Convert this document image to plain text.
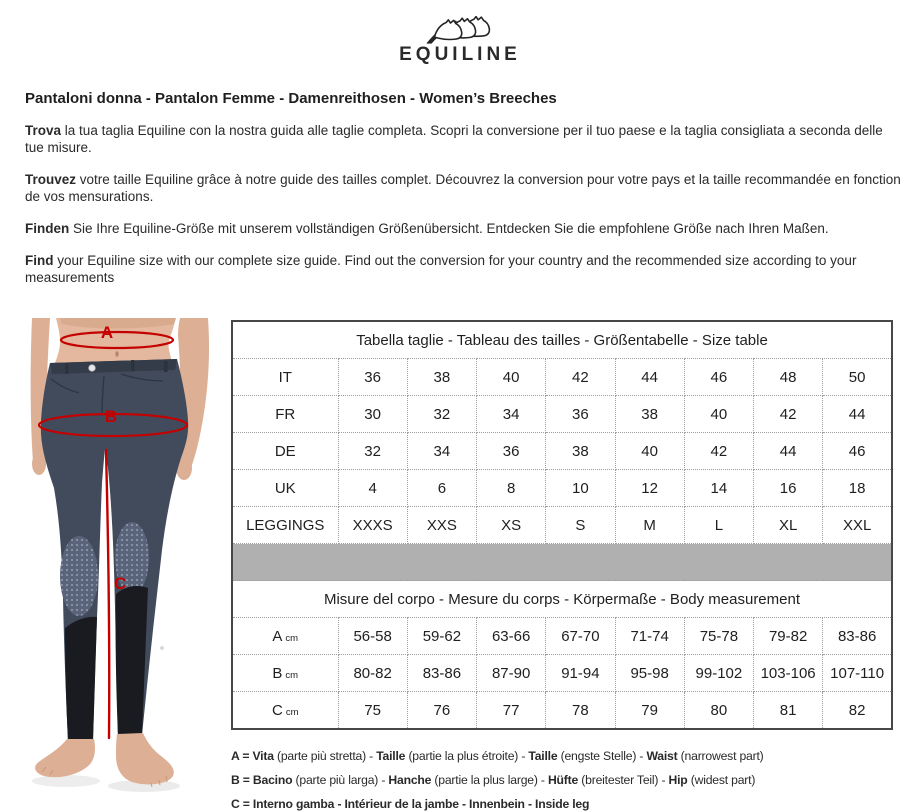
EQUILINE
Pantaloni donna - Pantalon Femme - Damenreithosen - Women’s Breeches

Trova la tua taglia Equiline con la nostra guida alle taglie completa. Scopri la conversione per il tuo paese e la taglia consigliata a seconda delle tue misure.

Trouvez votre taille Equiline grâce à notre guide des tailles complet. Découvrez la conversion pour votre pays et la taille recommandée en fonction de vos mensurations.

Finden Sie Ihre Equiline-Größe mit unserem vollständigen Größenübersicht. Entdecken Sie die empfohlene Größe nach Ihren Maßen.

Find your Equiline size with our complete size guide. Find out the conversion for your country and the recommended size according to your measurements

A
B
C
Tabella taglie - Tableau des tailles - Größentabelle - Size table								
IT	36	38	40	42	44	46	48	50
FR	30	32	34	36	38	40	42	44
DE	32	34	36	38	40	42	44	46
UK	4	6	8	10	12	14	16	18
LEGGINGS	XXXS	XXS	XS	S	M	L	XL	XXL

Misure del corpo - Mesure du corps - Körpermaße - Body measurement								
A cm	56-58	59-62	63-66	67-70	71-74	75-78	79-82	83-86
B cm	80-82	83-86	87-90	91-94	95-98	99-102	103-106	107-110
C cm	75	76	77	78	79	80	81	82

A = Vita (parte più stretta) - Taille (partie la plus étroite) - Taille (engste Stelle) - Waist (narrowest part)

B = Bacino (parte più larga) - Hanche (partie la plus large) - Hüfte (breitester Teil) - Hip (widest part)

C = Interno gamba - Intérieur de la jambe - Innenbein - Inside leg
